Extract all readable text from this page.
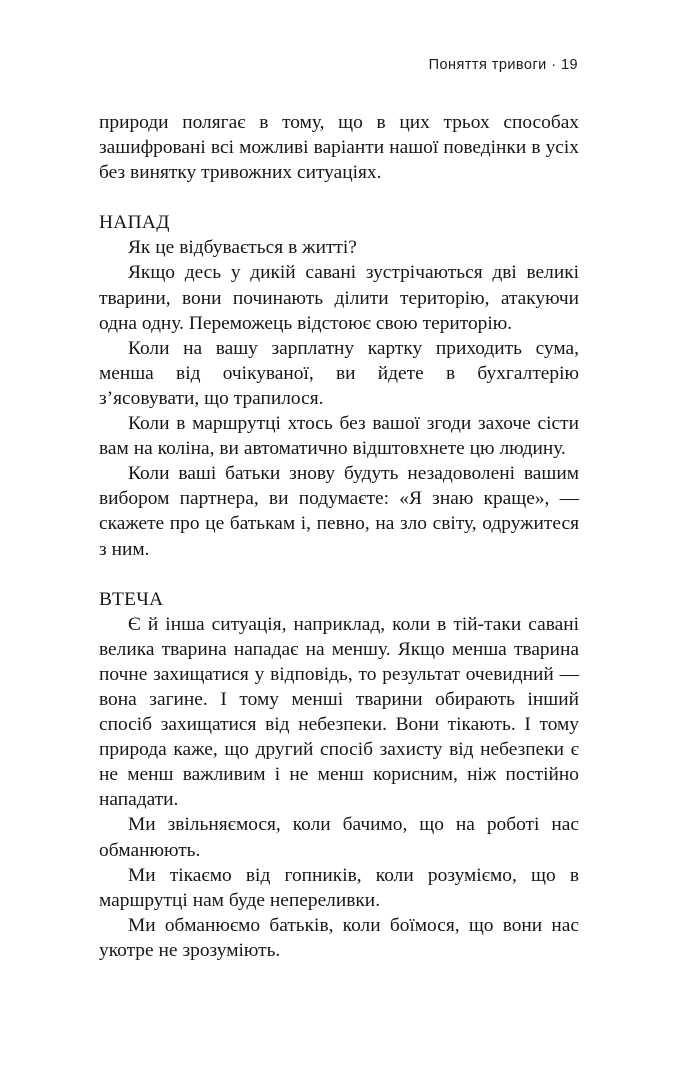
Поняття тривоги · 19

природи полягає в тому, що в цих трьох способах зашифровані всі можливі варіанти нашої поведінки в усіх без винятку тривожних ситуаціях.

НАПАД

Як це відбувається в житті?

Якщо десь у дикій савані зустрічаються дві великі тварини, вони починають ділити територію, атакуючи одна одну. Переможець відстоює свою територію.

Коли на вашу зарплатну картку приходить сума, менша від очікуваної, ви йдете в бухгалтерію з’ясовувати, що трапилося.

Коли в маршрутці хтось без вашої згоди захоче сісти вам на коліна, ви автоматично відштовхнете цю людину.

Коли ваші батьки знову будуть незадоволені вашим вибором партнера, ви подумаєте: «Я знаю краще», — скажете про це батькам і, певно, на зло світу, одружитеся з ним.

ВТЕЧА

Є й інша ситуація, наприклад, коли в тій-таки савані велика тварина нападає на меншу. Якщо менша тварина почне захищатися у відповідь, то результат очевидний — вона загине. І тому менші тварини обирають інший спосіб захищатися від небезпеки. Вони тікають. І тому природа каже, що другий спосіб захисту від небезпеки є не менш важливим і не менш корисним, ніж постійно нападати.

Ми звільняємося, коли бачимо, що на роботі нас обманюють.

Ми тікаємо від гопників, коли розуміємо, що в маршрутці нам буде непереливки.

Ми обманюємо батьків, коли боїмося, що вони нас укотре не зрозуміють.
